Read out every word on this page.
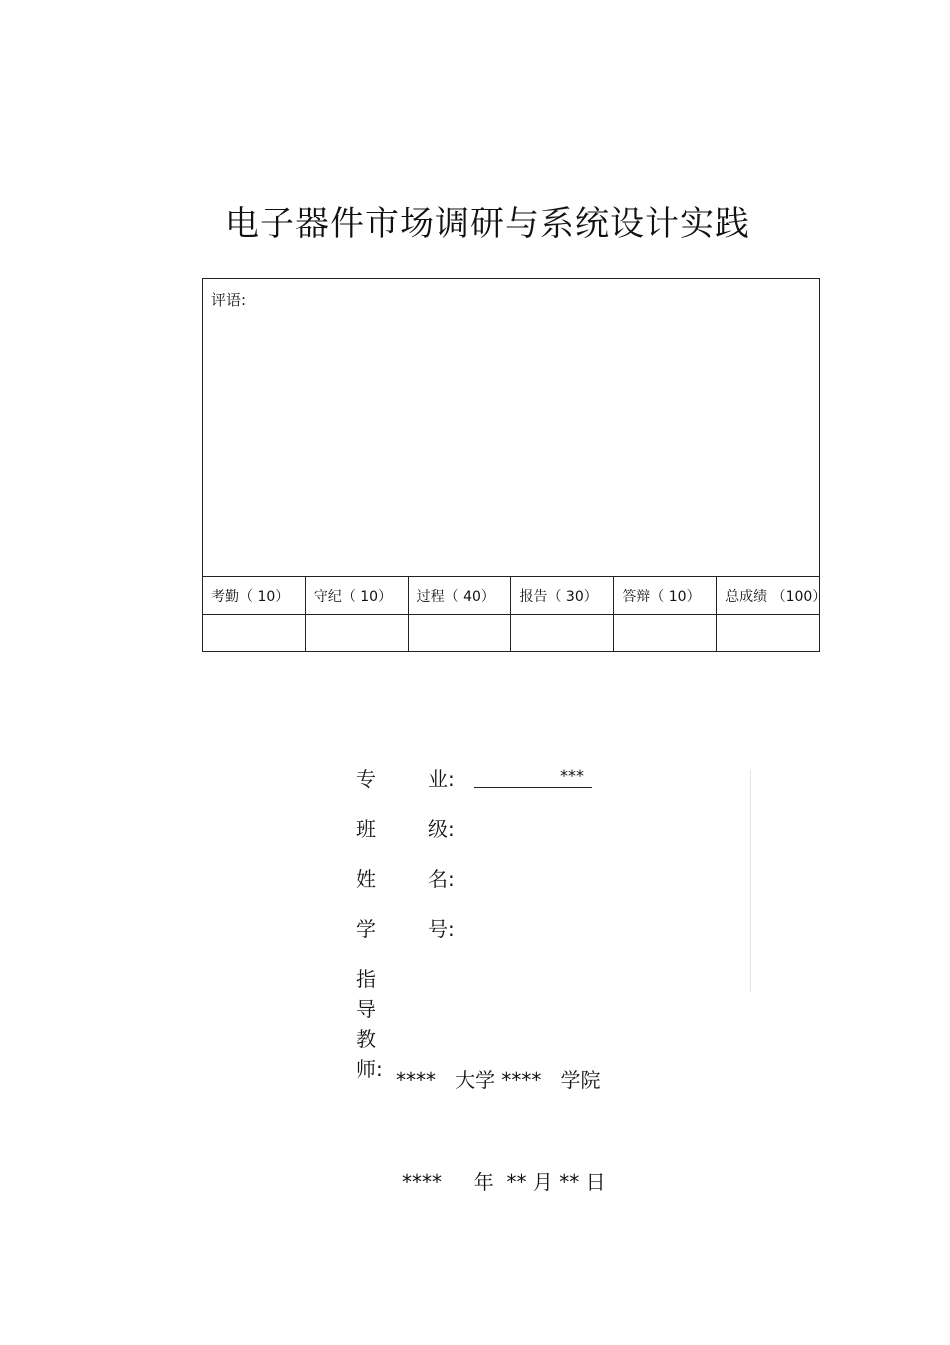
电子器件市场调研与系统设计实践
评语:					
考勤（ 10）	守纪（ 10）	过程（ 40）	报告（ 30）	答辩（ 10）	总成绩 （100）

专	业:	***
班	级:
姓	名:
学	号:
指导教师: ****   大学 ****   学院
****     年  ** 月 ** 日
